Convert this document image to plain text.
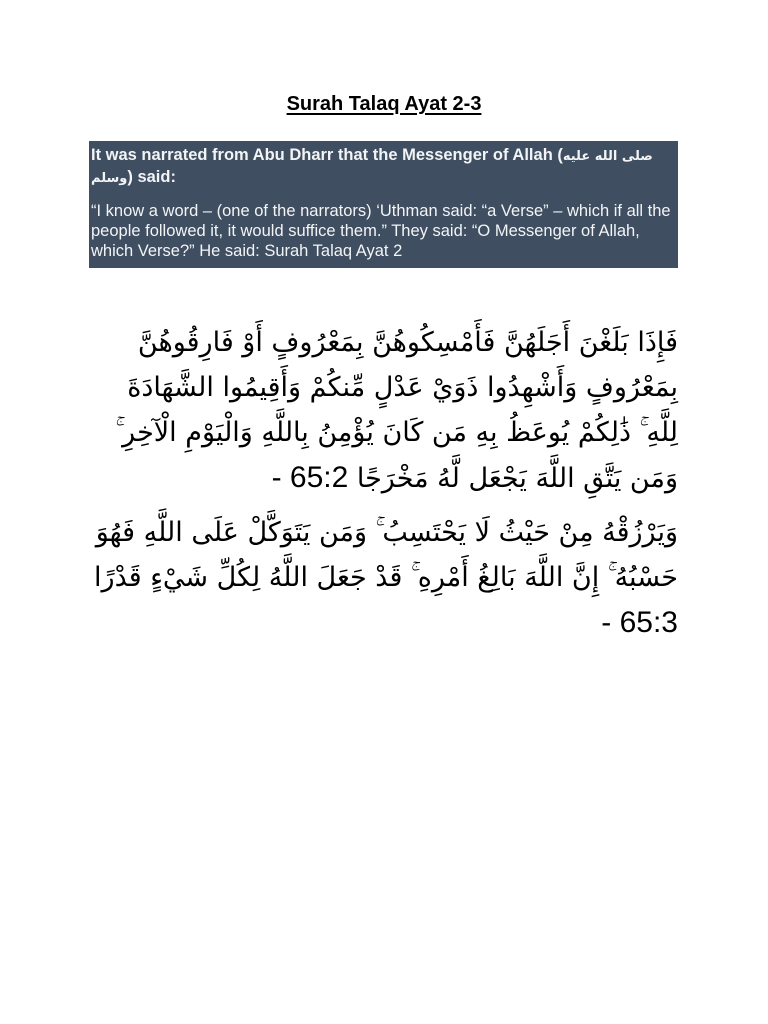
Surah Talaq Ayat 2-3

It was narrated from Abu Dharr that the Messenger of Allah (صلى الله عليه وسلم) said:

“I know a word – (one of the narrators) ‘Uthman said: “a Verse” – which if all the people followed it, it would suffice them.” They said: “O Messenger of Allah, which Verse?” He said: Surah Talaq Ayat 2

فَإِذَا بَلَغْنَ أَجَلَهُنَّ فَأَمْسِكُوهُنَّ بِمَعْرُوفٍ أَوْ فَارِقُوهُنَّ بِمَعْرُوفٍ وَأَشْهِدُوا ذَوَيْ عَدْلٍ مِّنكُمْ وَأَقِيمُوا الشَّهَادَةَ لِلَّهِ ۚ ذَٰلِكُمْ يُوعَظُ بِهِ مَن كَانَ يُؤْمِنُ بِاللَّهِ وَالْيَوْمِ الْآخِرِ ۚ وَمَن يَتَّقِ اللَّهَ يَجْعَل لَّهُ مَخْرَجًا - 65:2

وَيَرْزُقْهُ مِنْ حَيْثُ لَا يَحْتَسِبُ ۚ وَمَن يَتَوَكَّلْ عَلَى اللَّهِ فَهُوَ حَسْبُهُ ۚ إِنَّ اللَّهَ بَالِغُ أَمْرِهِ ۚ قَدْ جَعَلَ اللَّهُ لِكُلِّ شَيْءٍ قَدْرًا - 65:3
